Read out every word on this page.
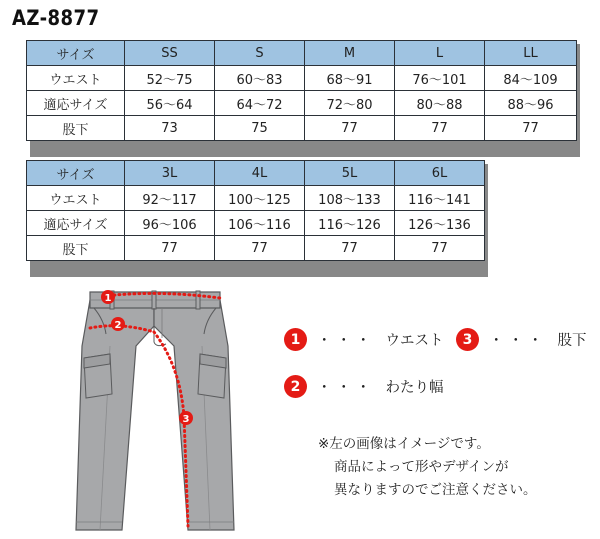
AZ-8877
サイズ	SS	S	M	L	LL
ウエスト	52〜75	60〜83	68〜91	76〜101	84〜109
適応サイズ	56〜64	64〜72	72〜80	80〜88	88〜96
股下	73	75	77	77	77
サイズ	3L	4L	5L	6L
ウエスト	92〜117	100〜125	108〜133	116〜141
適応サイズ	96〜106	106〜116	116〜126	126〜136
股下	77	77	77	77
1
2
3
1	・・・ ウエスト	3	・・・ 股下
2	・・・ わたり幅
※左の画像はイメージです。
商品によって形やデザインが
異なりますのでご注意ください。
